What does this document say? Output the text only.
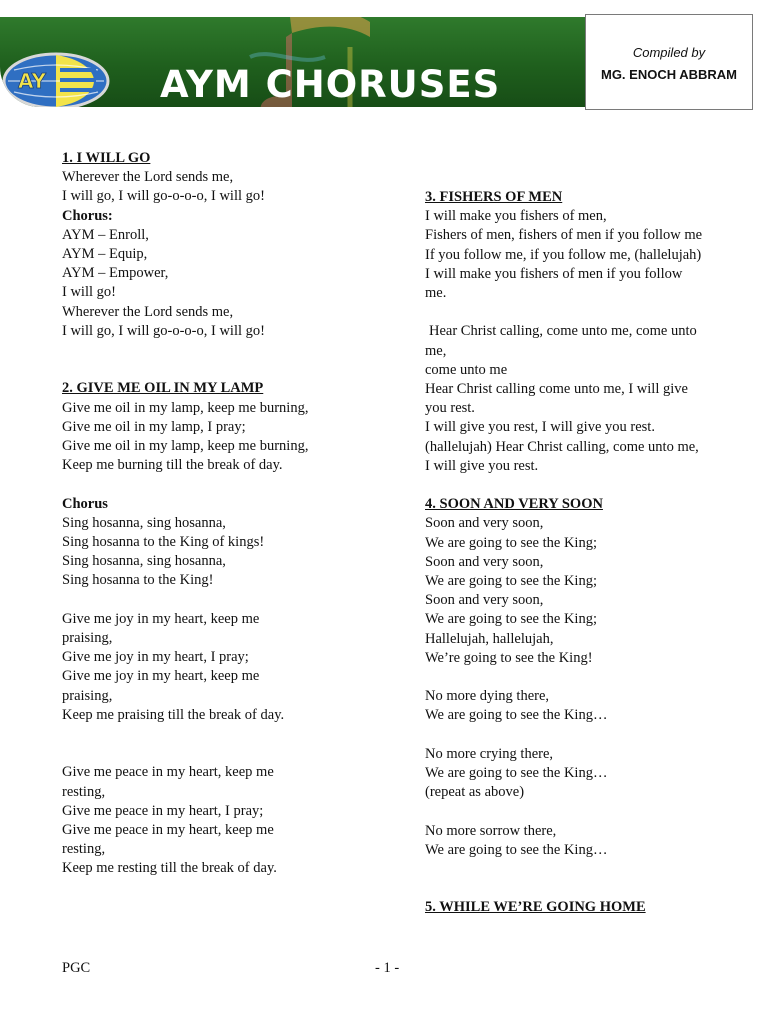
AY	AYM CHORUSES
Compiled by
MG. ENOCH ABBRAM
1. I WILL GO
Wherever the Lord sends me,
I will go, I will go-o-o-o, I will go!
Chorus:
AYM – Enroll,
AYM – Equip,
AYM – Empower,
I will go!
Wherever the Lord sends me,
I will go, I will go-o-o-o, I will go!
2. GIVE ME OIL IN MY LAMP
Give me oil in my lamp, keep me burning,
Give me oil in my lamp, I pray;
Give me oil in my lamp, keep me burning,
Keep me burning till the break of day.
Chorus
Sing hosanna, sing hosanna,
Sing hosanna to the King of kings!
Sing hosanna, sing hosanna,
Sing hosanna to the King!
Give me joy in my heart, keep me praising,
Give me joy in my heart, I pray;
Give me joy in my heart, keep me praising,
Keep me praising till the break of day.
Give me peace in my heart, keep me resting,
Give me peace in my heart, I pray;
Give me peace in my heart, keep me resting,
Keep me resting till the break of day.
3. FISHERS OF MEN
I will make you fishers of men,
Fishers of men, fishers of men if you follow me
If you follow me, if you follow me, (hallelujah)
I will make you fishers of men if you follow me.
Hear Christ calling, come unto me, come unto me,
come unto me
Hear Christ calling come unto me, I will give you rest.
I will give you rest, I will give you rest.
(hallelujah) Hear Christ calling, come unto me,
I will give you rest.
4. SOON AND VERY SOON
Soon and very soon,
We are going to see the King;
Soon and very soon,
We are going to see the King;
Soon and very soon,
We are going to see the King;
Hallelujah, hallelujah,
We’re going to see the King!
No more dying there,
We are going to see the King…
No more crying there,
We are going to see the King…
(repeat as above)
No more sorrow there,
We are going to see the King…
5. WHILE WE’RE GOING HOME
PGC	- 1 -
